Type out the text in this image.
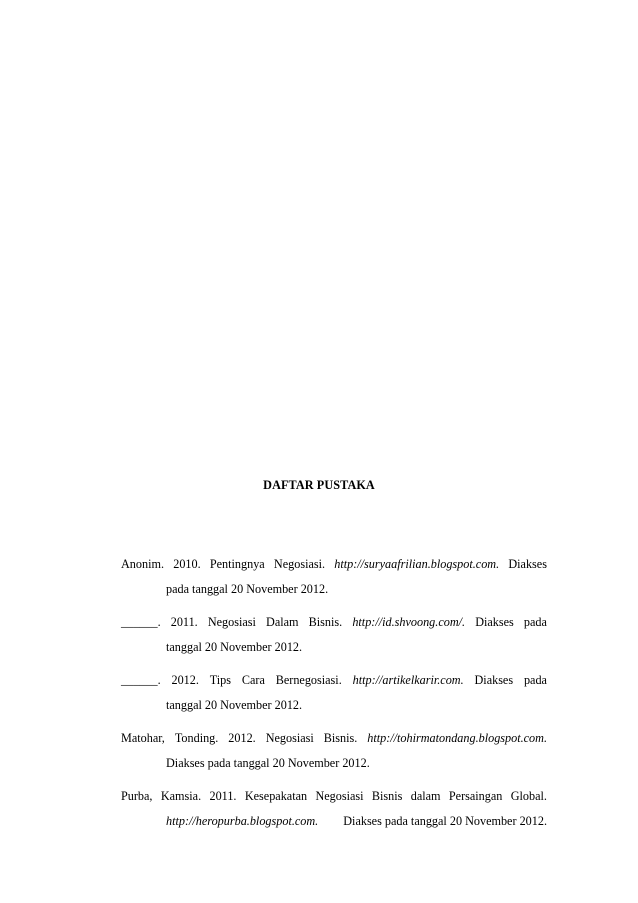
DAFTAR PUSTAKA
Anonim. 2010. Pentingnya Negosiasi. http://suryaafrilian.blogspot.com. Diakses
pada tanggal 20 November 2012.
______. 2011. Negosiasi Dalam Bisnis. http://id.shvoong.com/. Diakses pada
tanggal 20 November 2012.
______. 2012. Tips Cara Bernegosiasi. http://artikelkarir.com. Diakses pada
tanggal 20 November 2012.
Matohar, Tonding. 2012. Negosiasi Bisnis. http://tohirmatondang.blogspot.com.
Diakses pada tanggal 20 November 2012.
Purba, Kamsia. 2011. Kesepakatan Negosiasi Bisnis dalam Persaingan Global.
http://heropurba.blogspot.com. Diakses pada tanggal 20 November 2012.
